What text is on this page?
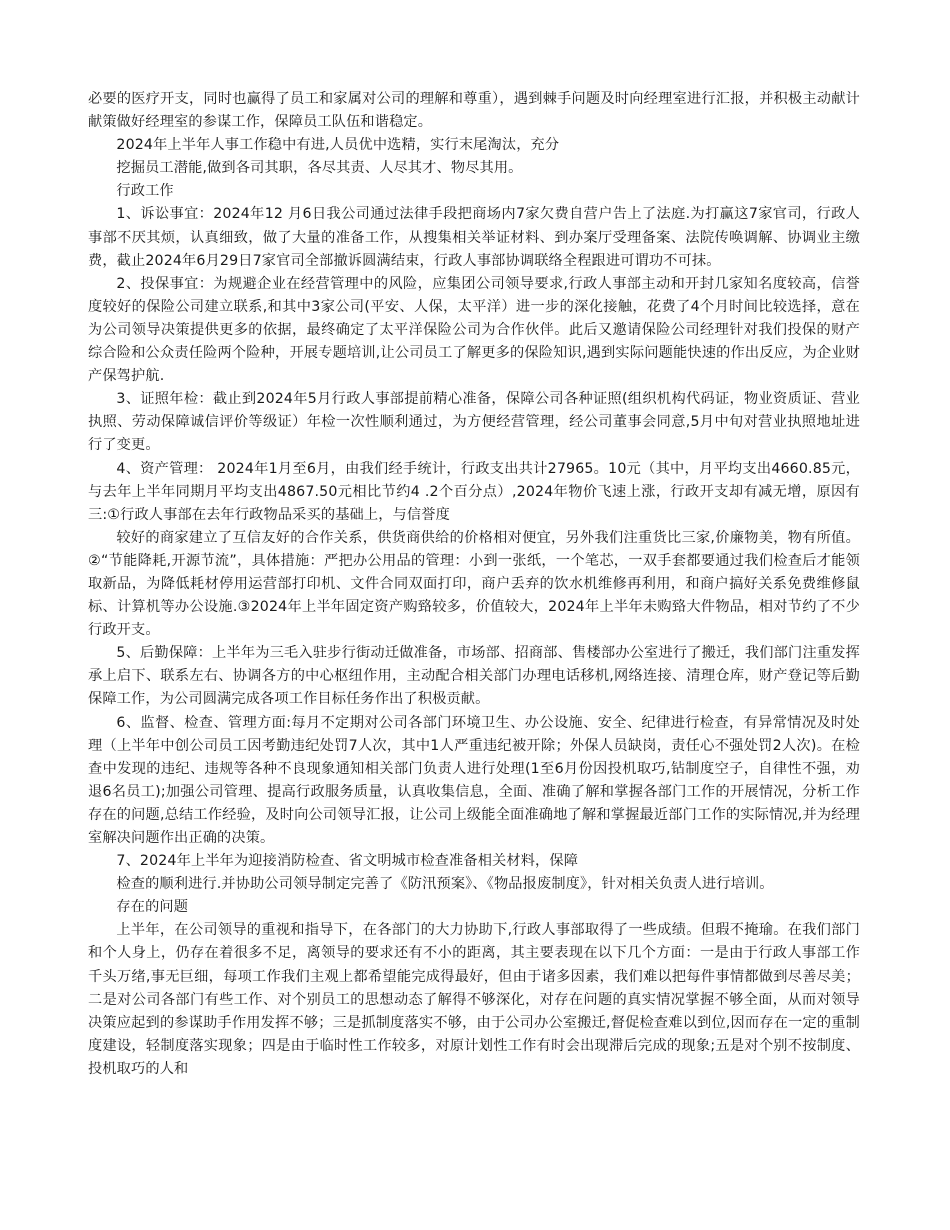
必要的医疗开支，同时也赢得了员工和家属对公司的理解和尊重），遇到棘手问题及时向经理室进行汇报，并积极主动献计献策做好经理室的参谋工作，保障员工队伍和谐稳定。

2024年上半年人事工作稳中有进,人员优中选精，实行末尾淘汰，充分

挖掘员工潜能,做到各司其职，各尽其责、人尽其才、物尽其用。

行政工作

1、诉讼事宜：2024年12 月6日我公司通过法律手段把商场内7家欠费自营户告上了法庭.为打赢这7家官司，行政人事部不厌其烦，认真细致，做了大量的准备工作，从搜集相关举证材料、到办案厅受理备案、法院传唤调解、协调业主缴费，截止2024年6月29日7家官司全部撤诉圆满结束，行政人事部协调联络全程跟进可谓功不可抹。

2、投保事宜：为规避企业在经营管理中的风险，应集团公司领导要求,行政人事部主动和开封几家知名度较高，信誉度较好的保险公司建立联系,和其中3家公司(平安、人保，太平洋）进一步的深化接触，花费了4个月时间比较选择，意在为公司领导决策提供更多的依据，最终确定了太平洋保险公司为合作伙伴。此后又邀请保险公司经理针对我们投保的财产综合险和公众责任险两个险种，开展专题培训,让公司员工了解更多的保险知识,遇到实际问题能快速的作出反应，为企业财产保驾护航.

3、证照年检：截止到2024年5月行政人事部提前精心准备，保障公司各种证照(组织机构代码证，物业资质证、营业执照、劳动保障诚信评价等级证）年检一次性顺利通过，为方便经营管理，经公司董事会同意,5月中旬对营业执照地址进行了变更。

4、资产管理： 2024年1月至6月，由我们经手统计，行政支出共计27965。10元（其中，月平均支出4660.85元，与去年上半年同期月平均支出4867.50元相比节约4 .2个百分点）,2024年物价飞速上涨，行政开支却有减无增，原因有三:①行政人事部在去年行政物品采买的基础上，与信誉度

较好的商家建立了互信友好的合作关系，供货商供给的价格相对便宜，另外我们注重货比三家,价廉物美，物有所值。②“节能降耗,开源节流”，具体措施：严把办公用品的管理：小到一张纸，一个笔芯，一双手套都要通过我们检查后才能领取新品，为降低耗材停用运营部打印机、文件合同双面打印，商户丢弃的饮水机维修再利用，和商户搞好关系免费维修鼠标、计算机等办公设施.③2024年上半年固定资产购臵较多，价值较大，2024年上半年未购臵大件物品，相对节约了不少行政开支。

5、后勤保障：上半年为三毛入驻步行街动迁做准备，市场部、招商部、售楼部办公室进行了搬迁，我们部门注重发挥承上启下、联系左右、协调各方的中心枢纽作用，主动配合相关部门办理电话移机,网络连接、清理仓库，财产登记等后勤保障工作，为公司圆满完成各项工作目标任务作出了积极贡献。

6、监督、检查、管理方面:每月不定期对公司各部门环境卫生、办公设施、安全、纪律进行检查，有异常情况及时处理（上半年中创公司员工因考勤违纪处罚7人次，其中1人严重违纪被开除；外保人员缺岗，责任心不强处罚2人次)。在检查中发现的违纪、违规等各种不良现象通知相关部门负责人进行处理(1至6月份因投机取巧,钻制度空子，自律性不强，劝退6名员工);加强公司管理、提高行政服务质量，认真收集信息，全面、准确了解和掌握各部门工作的开展情况，分析工作存在的问题,总结工作经验，及时向公司领导汇报，让公司上级能全面准确地了解和掌握最近部门工作的实际情况,并为经理室解决问题作出正确的决策。

7、2024年上半年为迎接消防检查、省文明城市检查准备相关材料，保障

检查的顺利进行.并协助公司领导制定完善了《防汛预案》、《物品报废制度》，针对相关负责人进行培训。

存在的问题

上半年，在公司领导的重视和指导下，在各部门的大力协助下,行政人事部取得了一些成绩。但瑕不掩瑜。在我们部门和个人身上，仍存在着很多不足，离领导的要求还有不小的距离，其主要表现在以下几个方面：一是由于行政人事部工作千头万绪,事无巨细，每项工作我们主观上都希望能完成得最好，但由于诸多因素，我们难以把每件事情都做到尽善尽美；二是对公司各部门有些工作、对个别员工的思想动态了解得不够深化，对存在问题的真实情况掌握不够全面，从而对领导决策应起到的参谋助手作用发挥不够；三是抓制度落实不够，由于公司办公室搬迁,督促检查难以到位,因而存在一定的重制度建设，轻制度落实现象；四是由于临时性工作较多，对原计划性工作有时会出现滞后完成的现象;五是对个别不按制度、投机取巧的人和
